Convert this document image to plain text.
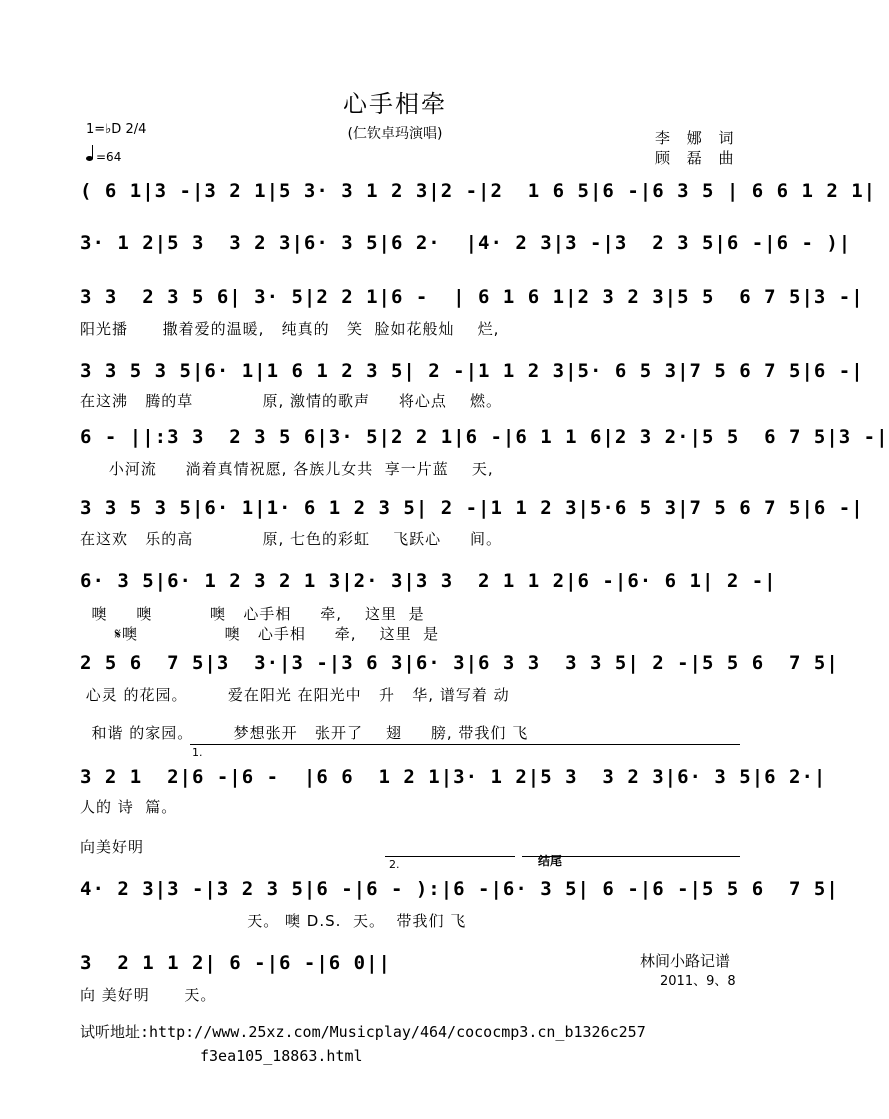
心手相牵
(仁钦卓玛演唱)	李 娜 词
顾 磊 曲
1=♭D 2/4
=64
( 6 1|3 -|3 2 1|5 3· 3 1 2 3|2 -|2  1 6 5|6 -|6 3 5 | 6 6 1 2 1|
3· 1 2|5 3  3 2 3|6· 3 5|6 2·  |4· 2 3|3 -|3  2 3 5|6 -|6 - )|
3 3  2 3 5 6| 3· 5|2 2 1|6 -  | 6 1 6 1|2 3 2 3|5 5  6 7 5|3 -|
阳光播      撒着爱的温暖,   纯真的   笑  脸如花般灿    烂,
3 3 5 3 5|6· 1|1 6 1 2 3 5| 2 -|1 1 2 3|5· 6 5 3|7 5 6 7 5|6 -|
在这沸   腾的草            原, 激情的歌声     将心点    燃。
6 - ||:3 3  2 3 5 6|3· 5|2 2 1|6 -|6 1 1 6|2 3 2·|5 5  6 7 5|3 -|
小河流     淌着真情祝愿, 各族儿女共  享一片蓝    天,
3 3 5 3 5|6· 1|1· 6 1 2 3 5| 2 -|1 1 2 3|5·6 5 3|7 5 6 7 5|6 -|
在这欢   乐的高            原, 七色的彩虹    飞跃心     间。
6· 3 5|6· 1 2 3 2 1 3|2· 3|3 3  2 1 1 2|6 -|6· 6 1| 2 -|
噢     噢          噢   心手相     牵,    这里  是
𝄋噢               噢   心手相     牵,    这里  是
2 5 6  7 5|3  3·|3 -|3 6 3|6· 3|6 3 3  3 3 5| 2 -|5 5 6  7 5|
心灵 的花园。       爱在阳光 在阳光中   升   华, 谱写着 动
和谐 的家园。       梦想张开   张开了    翅     膀, 带我们 飞
1.
3 2 1  2|6 -|6 -  |6 6  1 2 1|3· 1 2|5 3  3 2 3|6· 3 5|6 2·|
人的 诗  篇。
向美好明
2.	结尾
4· 2 3|3 -|3 2 3 5|6 -|6 - ):|6 -|6· 3 5| 6 -|6 -|5 5 6  7 5|
天。 噢 D.S.  天。  带我们 飞
3  2 1 1 2| 6 -|6 -|6 0||
向 美好明      天。
林间小路记谱
2011、9、8
试听地址:http://www.25xz.com/Musicplay/464/cococmp3.cn_b1326c257
f3ea105_18863.html
